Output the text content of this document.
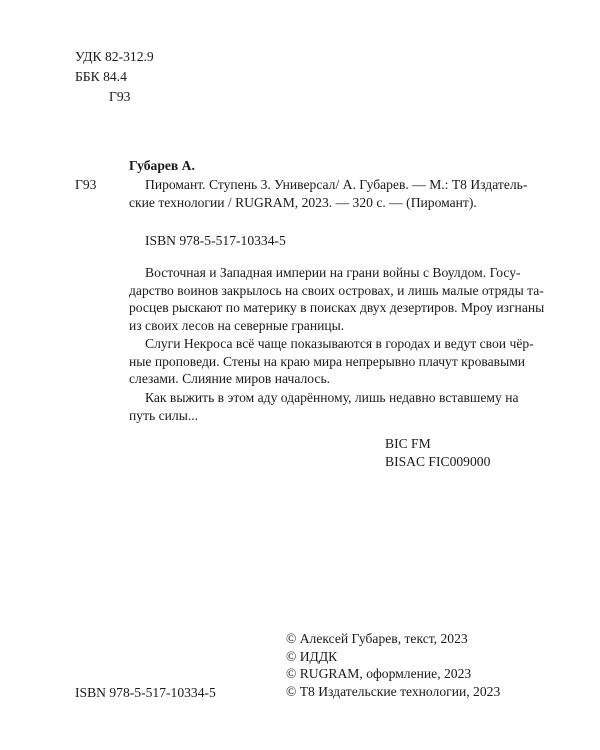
УДК 82-312.9
ББК 84.4
Г93
Губарев А.
Г93	Пиромант. Ступень 3. Универсал/ А. Губарев. — М.: Т8 Издатель-
ские технологии / RUGRAM, 2023. — 320 с. — (Пиромант).
ISBN 978-5-517-10334-5
Восточная и Западная империи на грани войны с Воулдом. Госу-
дарство воинов закрылось на своих островах, и лишь малые отряды та-
росцев рыскают по материку в поисках двух дезертиров. Мроу изгнаны
из своих лесов на северные границы.
Слуги Некроса всё чаще показываются в городах и ведут свои чёр-
ные проповеди. Стены на краю мира непрерывно плачут кровавыми
слезами. Слияние миров началось.
Как выжить в этом аду одарённому, лишь недавно вставшему на
путь силы...
BIC FM
BISAC FIC009000
ISBN 978-5-517-10334-5
© Алексей Губарев, текст, 2023
© ИДДК
© RUGRAM, оформление, 2023
© Т8 Издательские технологии, 2023
